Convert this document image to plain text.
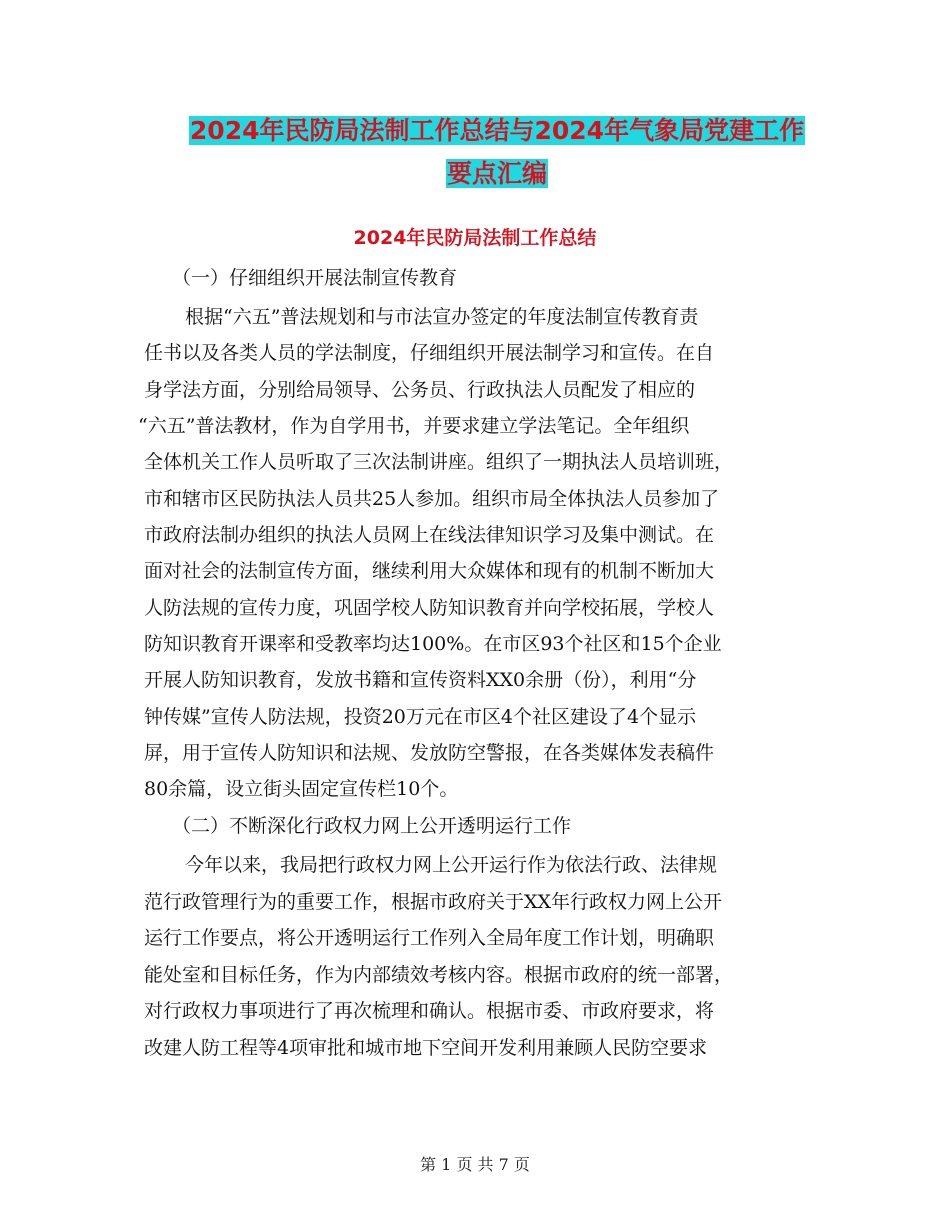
2024年民防局法制工作总结与2024年气象局党建工作
要点汇编
2024年民防局法制工作总结
（一）仔细组织开展法制宣传教育
根据“六五”普法规划和与市法宣办签定的年度法制宣传教育责
任书以及各类人员的学法制度，仔细组织开展法制学习和宣传。在自
身学法方面，分别给局领导、公务员、行政执法人员配发了相应的
“六五”普法教材，作为自学用书，并要求建立学法笔记。全年组织
全体机关工作人员听取了三次法制讲座。组织了一期执法人员培训班，
市和辖市区民防执法人员共25人参加。组织市局全体执法人员参加了
市政府法制办组织的执法人员网上在线法律知识学习及集中测试。在
面对社会的法制宣传方面，继续利用大众媒体和现有的机制不断加大
人防法规的宣传力度，巩固学校人防知识教育并向学校拓展，学校人
防知识教育开课率和受教率均达100%。在市区93个社区和15个企业
开展人防知识教育，发放书籍和宣传资料XX0余册（份），利用“分
钟传媒”宣传人防法规，投资20万元在市区4个社区建设了4个显示
屏，用于宣传人防知识和法规、发放防空警报，在各类媒体发表稿件
80余篇，设立街头固定宣传栏10个。
（二）不断深化行政权力网上公开透明运行工作
今年以来，我局把行政权力网上公开运行作为依法行政、法律规
范行政管理行为的重要工作，根据市政府关于XX年行政权力网上公开
运行工作要点，将公开透明运行工作列入全局年度工作计划，明确职
能处室和目标任务，作为内部绩效考核内容。根据市政府的统一部署，
对行政权力事项进行了再次梳理和确认。根据市委、市政府要求，将
改建人防工程等4项审批和城市地下空间开发利用兼顾人民防空要求
第 1 页 共 7 页
